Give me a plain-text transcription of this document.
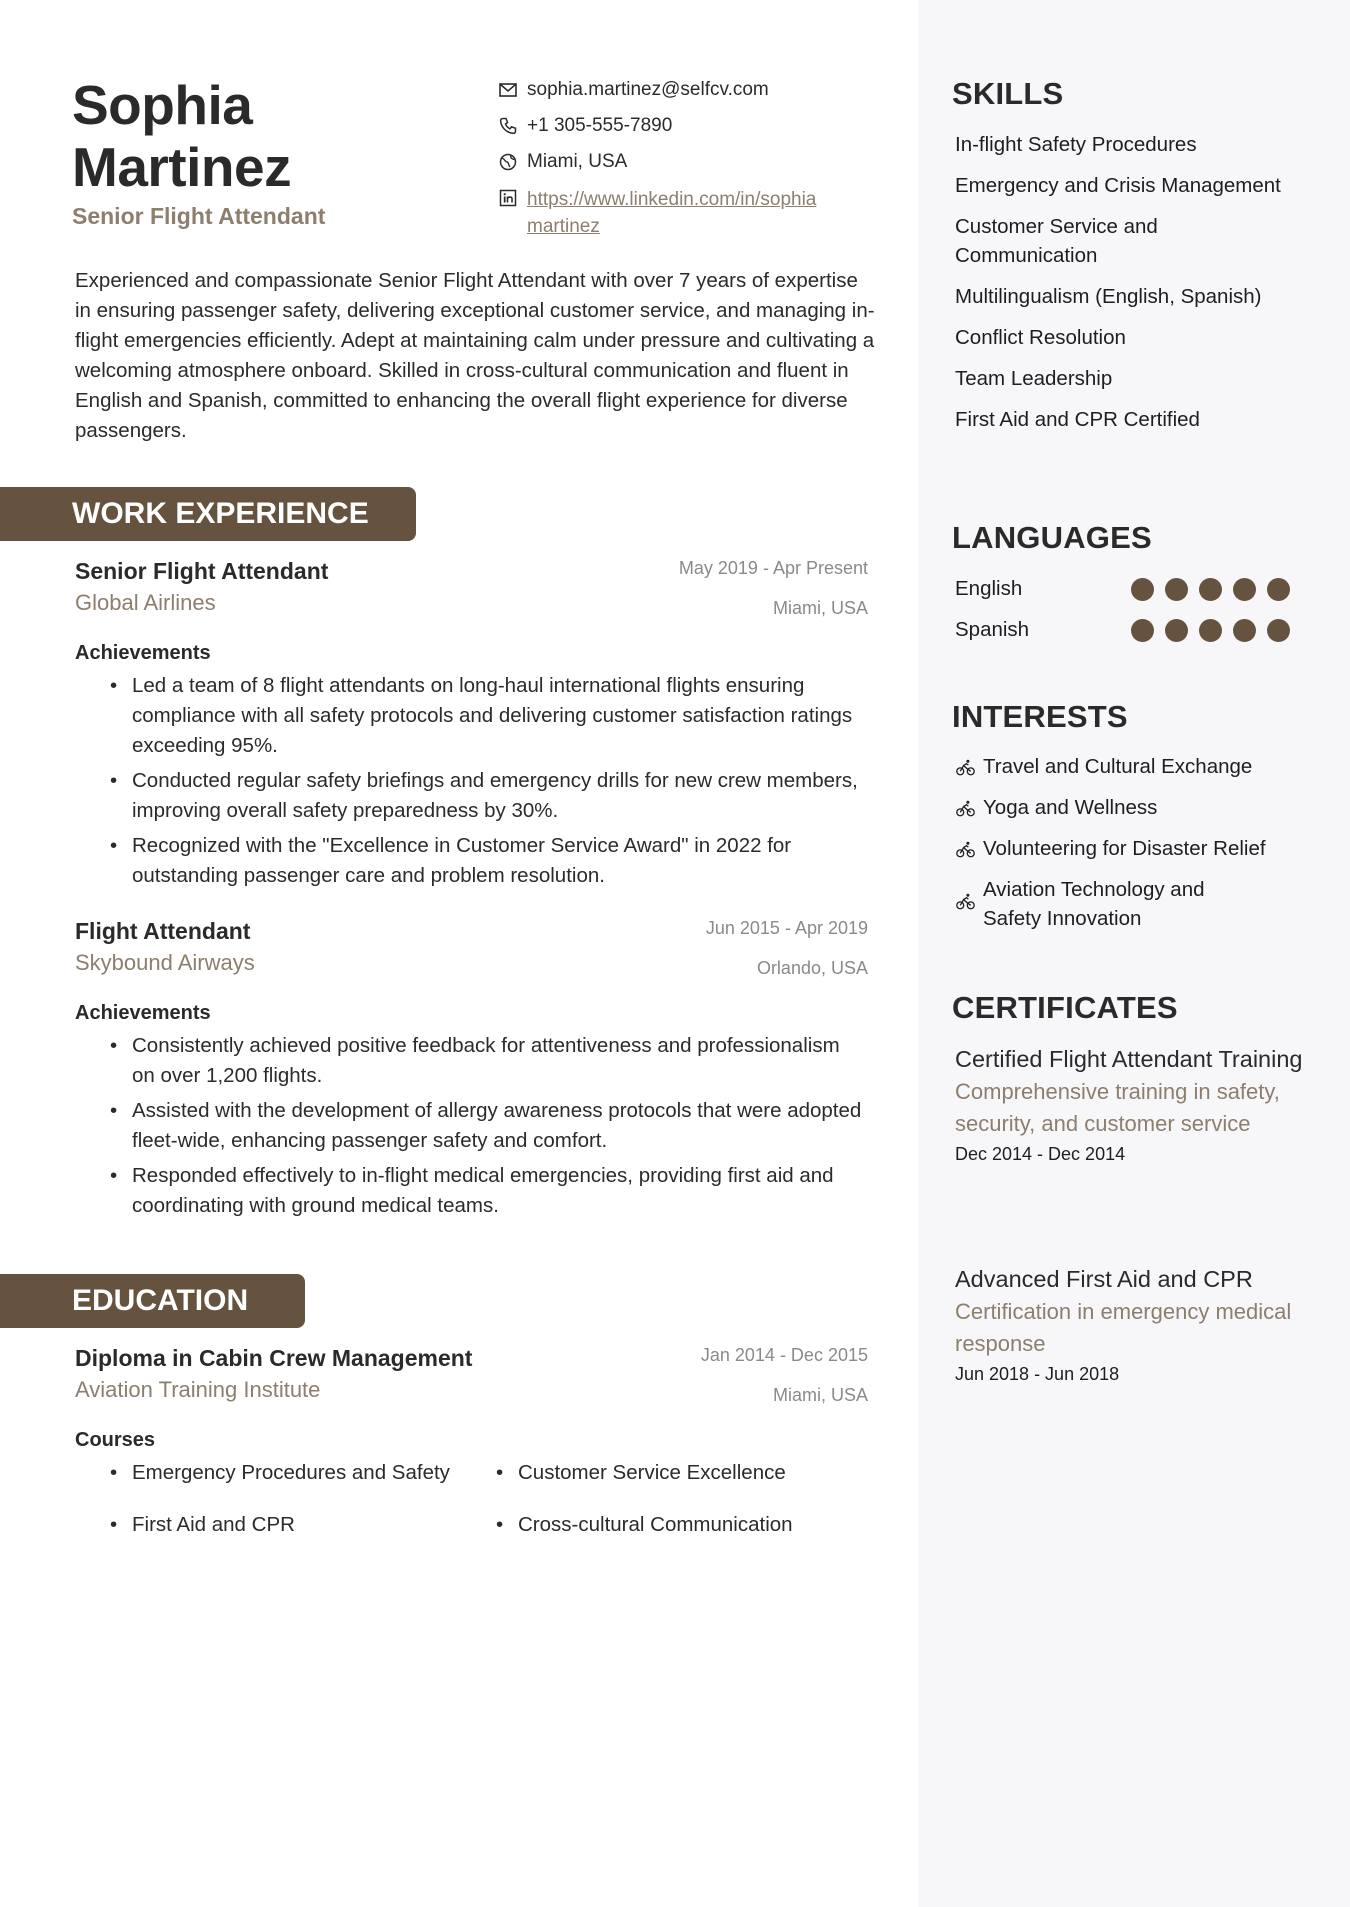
Sophia
Martinez
Senior Flight Attendant
sophia.martinez@selfcv.com
+1 305-555-7890
Miami, USA
https://www.linkedin.com/in/sophia
martinez
Experienced and compassionate Senior Flight Attendant with over 7 years of expertise in ensuring passenger safety, delivering exceptional customer service, and managing in-flight emergencies efficiently. Adept at maintaining calm under pressure and cultivating a welcoming atmosphere onboard. Skilled in cross-cultural communication and fluent in English and Spanish, committed to enhancing the overall flight experience for diverse passengers.
WORK EXPERIENCE
Senior Flight Attendant
Global Airlines
May 2019 - Apr Present
Miami, USA
Achievements
• Led a team of 8 flight attendants on long-haul international flights ensuring compliance with all safety protocols and delivering customer satisfaction ratings exceeding 95%.
• Conducted regular safety briefings and emergency drills for new crew members, improving overall safety preparedness by 30%.
• Recognized with the "Excellence in Customer Service Award" in 2022 for outstanding passenger care and problem resolution.
Flight Attendant
Skybound Airways
Jun 2015 - Apr 2019
Orlando, USA
Achievements
• Consistently achieved positive feedback for attentiveness and professionalism on over 1,200 flights.
• Assisted with the development of allergy awareness protocols that were adopted fleet-wide, enhancing passenger safety and comfort.
• Responded effectively to in-flight medical emergencies, providing first aid and coordinating with ground medical teams.
EDUCATION
Diploma in Cabin Crew Management
Aviation Training Institute
Jan 2014 - Dec 2015
Miami, USA
Courses
• Emergency Procedures and Safety	• Customer Service Excellence
• First Aid and CPR	• Cross-cultural Communication
SKILLS
In-flight Safety Procedures
Emergency and Crisis Management
Customer Service and Communication
Multilingualism (English, Spanish)
Conflict Resolution
Team Leadership
First Aid and CPR Certified
LANGUAGES
English
Spanish
INTERESTS
Travel and Cultural Exchange
Yoga and Wellness
Volunteering for Disaster Relief
Aviation Technology and Safety Innovation
CERTIFICATES
Certified Flight Attendant Training
Comprehensive training in safety, security, and customer service
Dec 2014 - Dec 2014
Advanced First Aid and CPR
Certification in emergency medical response
Jun 2018 - Jun 2018
